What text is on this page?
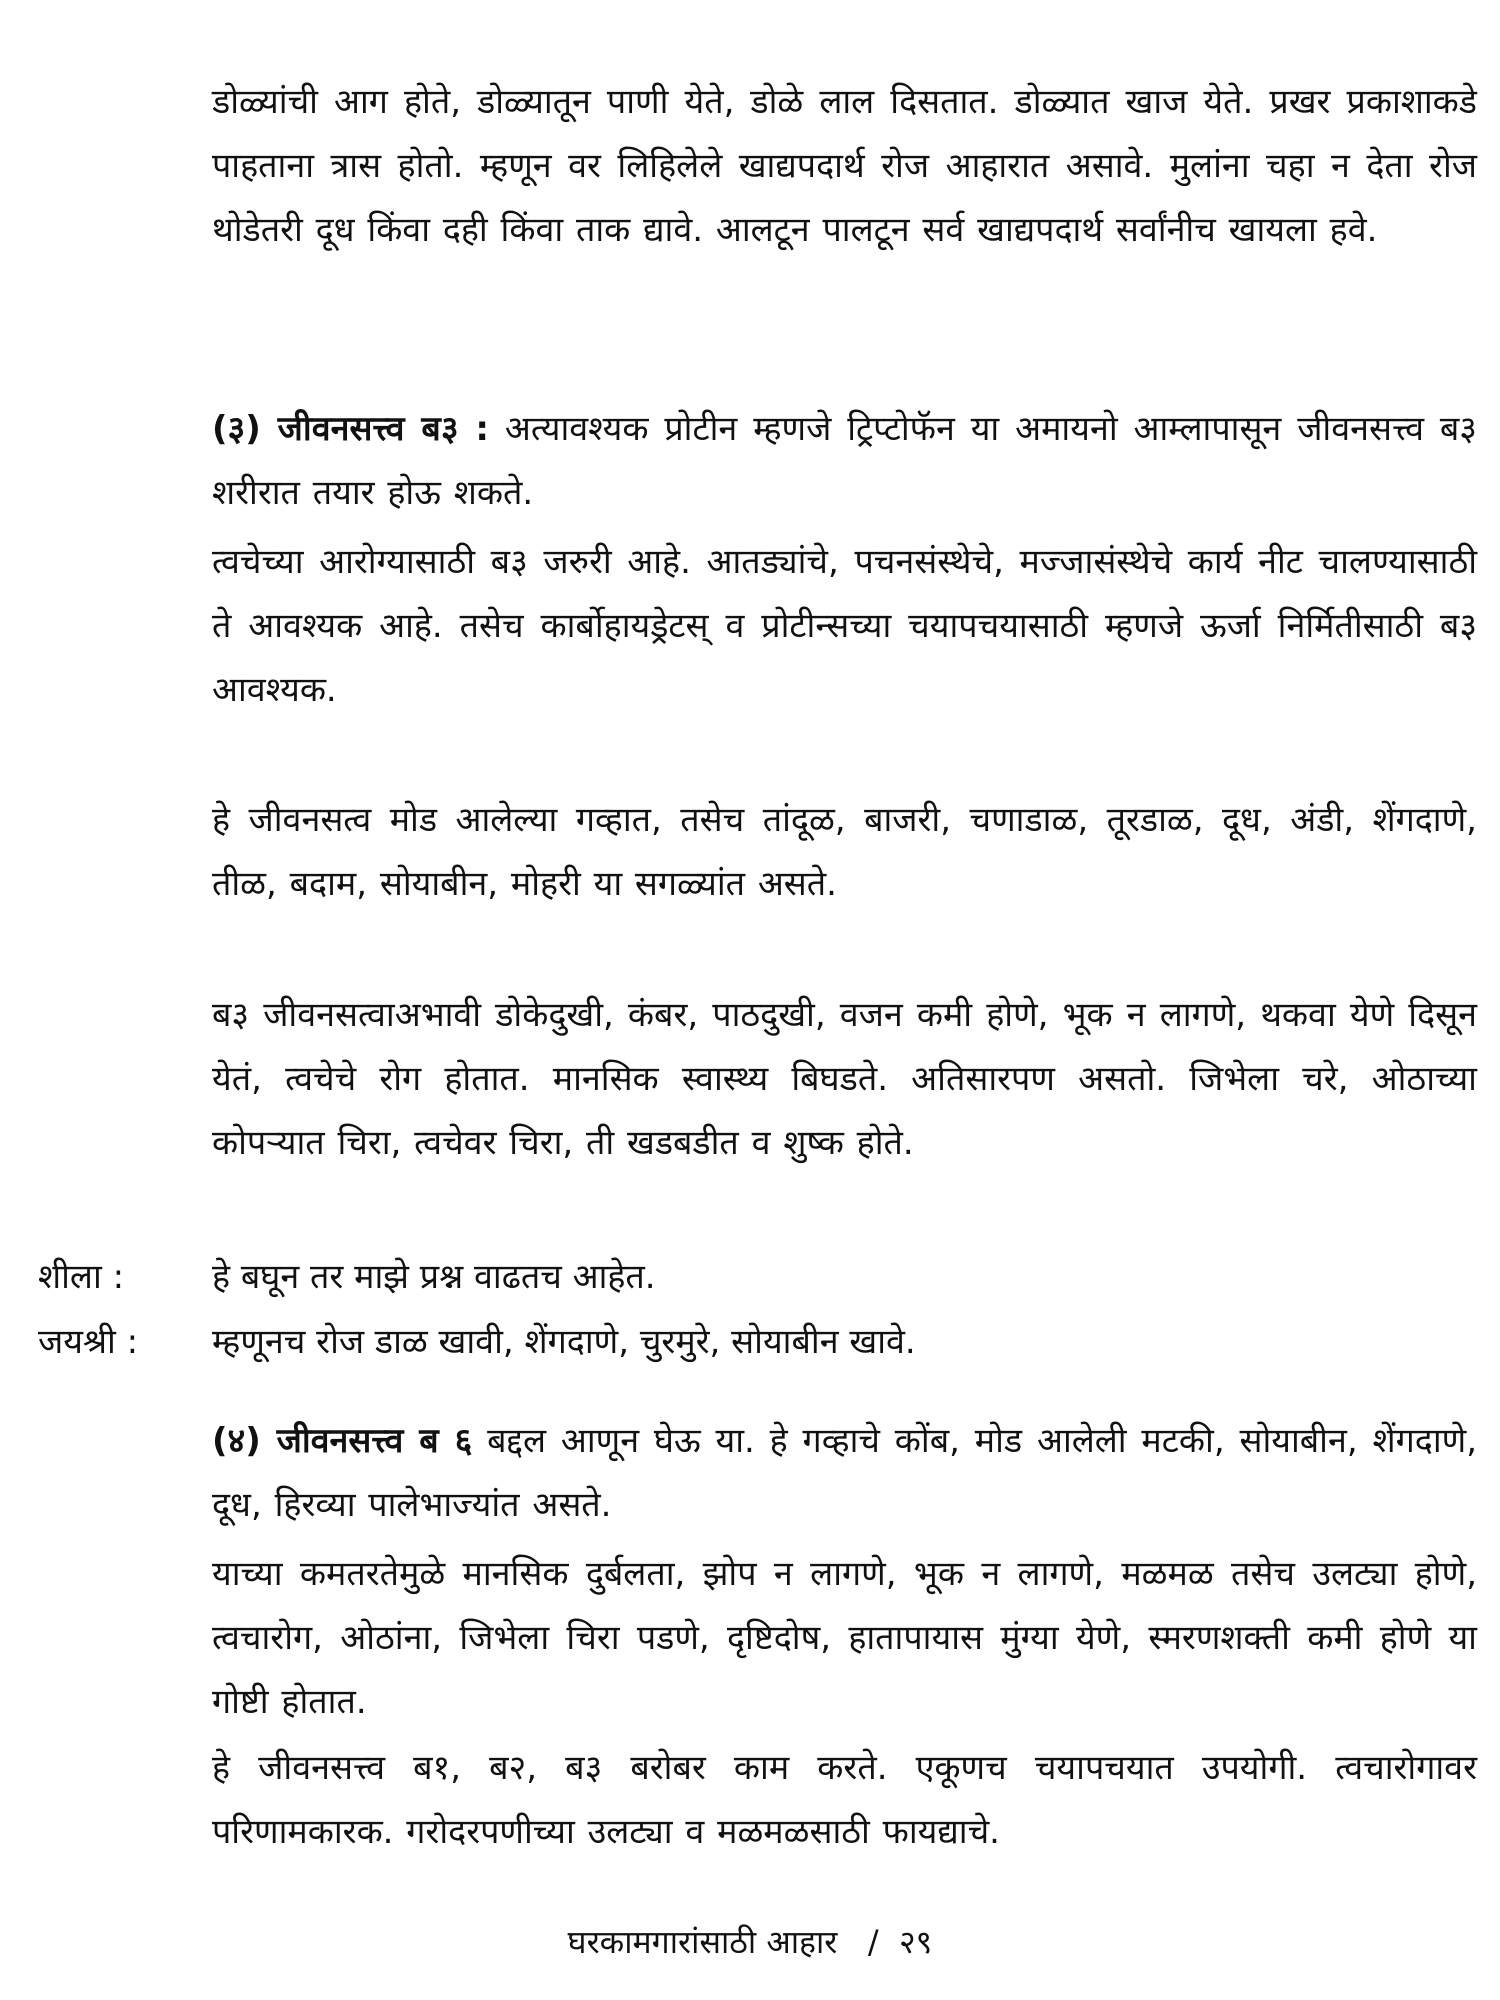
डोळ्यांची आग होते, डोळ्यातून पाणी येते, डोळे लाल दिसतात. डोळ्यात खाज येते. प्रखर प्रकाशाकडे पाहताना त्रास होतो. म्हणून वर लिहिलेले खाद्यपदार्थ रोज आहारात असावे. मुलांना चहा न देता रोज थोडेतरी दूध किंवा दही किंवा ताक द्यावे. आलटून पालटून सर्व खाद्यपदार्थ सर्वांनीच खायला हवे.

(३) जीवनसत्त्व ब३ : अत्यावश्यक प्रोटीन म्हणजे ट्रिप्टोफॅन या अमायनो आम्लापासून जीवनसत्त्व ब३ शरीरात तयार होऊ शकते.

त्वचेच्या आरोग्यासाठी ब३ जरुरी आहे. आतड्यांचे, पचनसंस्थेचे, मज्जासंस्थेचे कार्य नीट चालण्यासाठी ते आवश्यक आहे. तसेच कार्बोहायड्रेटस् व प्रोटीन्सच्या चयापचयासाठी म्हणजे ऊर्जा निर्मितीसाठी ब३ आवश्यक.

हे जीवनसत्व मोड आलेल्या गव्हात, तसेच तांदूळ, बाजरी, चणाडाळ, तूरडाळ, दूध, अंडी, शेंगदाणे, तीळ, बदाम, सोयाबीन, मोहरी या सगळ्यांत असते.

ब३ जीवनसत्वाअभावी डोकेदुखी, कंबर, पाठदुखी, वजन कमी होणे, भूक न लागणे, थकवा येणे दिसून येतं, त्वचेचे रोग होतात. मानसिक स्वास्थ्य बिघडते. अतिसारपण असतो. जिभेला चरे, ओठाच्या कोपऱ्यात चिरा, त्वचेवर चिरा, ती खडबडीत व शुष्क होते.

शीला :	हे बघून तर माझे प्रश्न वाढतच आहेत.
जयश्री :	म्हणूनच रोज डाळ खावी, शेंगदाणे, चुरमुरे, सोयाबीन खावे.

(४) जीवनसत्त्व ब ६ बद्दल आणून घेऊ या. हे गव्हाचे कोंब, मोड आलेली मटकी, सोयाबीन, शेंगदाणे, दूध, हिरव्या पालेभाज्यांत असते.

याच्या कमतरतेमुळे मानसिक दुर्बलता, झोप न लागणे, भूक न लागणे, मळमळ तसेच उलट्या होणे, त्वचारोग, ओठांना, जिभेला चिरा पडणे, दृष्टिदोष, हातापायास मुंग्या येणे, स्मरणशक्ती कमी होणे या गोष्टी होतात.

हे जीवनसत्त्व ब१, ब२, ब३ बरोबर काम करते. एकूणच चयापचयात उपयोगी. त्वचारोगावर परिणामकारक. गरोदरपणीच्या उलट्या व मळमळसाठी फायद्याचे.

घरकामगारांसाठी आहार / २९
